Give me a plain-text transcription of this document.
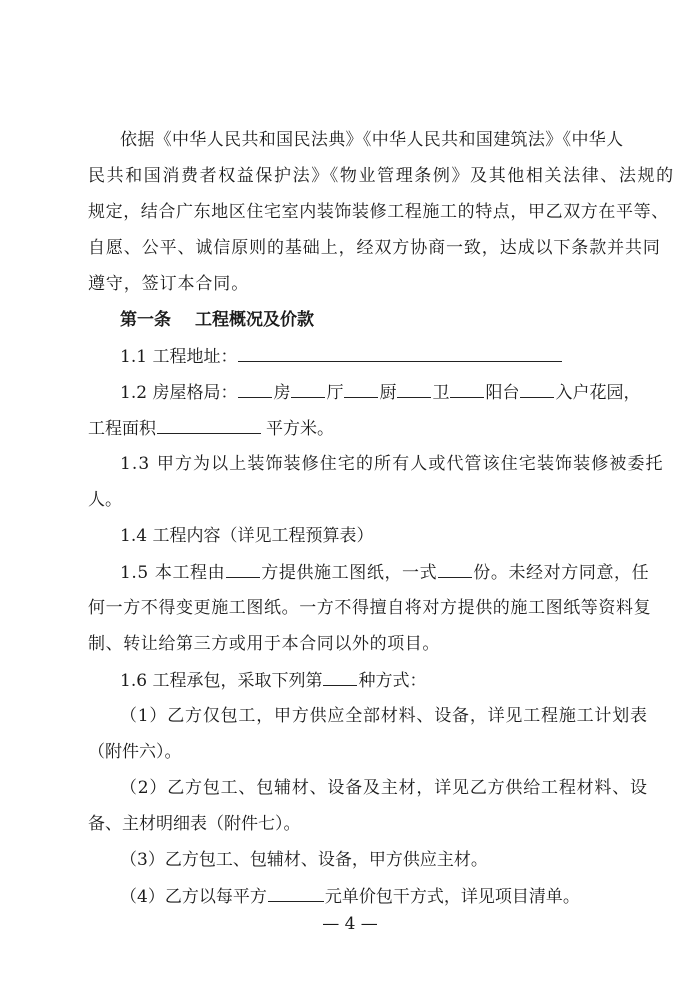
依据《中华人民共和国民法典》《中华人民共和国建筑法》《中华人
民共和国消费者权益保护法》《物业管理条例》及其他相关法律、法规的
规定，结合广东地区住宅室内装饰装修工程施工的特点，甲乙双方在平等、
自愿、公平、诚信原则的基础上，经双方协商一致，达成以下条款并共同
遵守，签订本合同。
第一条 工程概况及价款
1.1 工程地址：
1.2 房屋格局： 房 厅 厨 卫 阳台 入户花园，
工程面积	平方米。
1.3 甲方为以上装饰装修住宅的所有人或代管该住宅装饰装修被委托
人。
1.4 工程内容（详见工程预算表）
1.5 本工程由 方提供施工图纸，一式 份。未经对方同意，任
何一方不得变更施工图纸。一方不得擅自将对方提供的施工图纸等资料复
制、转让给第三方或用于本合同以外的项目。
1.6 工程承包，采取下列第 种方式：
（1）乙方仅包工，甲方供应全部材料、设备，详见工程施工计划表
（附件六）。
（2）乙方包工、包辅材、设备及主材，详见乙方供给工程材料、设
备、主材明细表（附件七）。
（3）乙方包工、包辅材、设备，甲方供应主材。
（4）乙方以每平方	元单价包干方式，详见项目清单。
— 4 —
